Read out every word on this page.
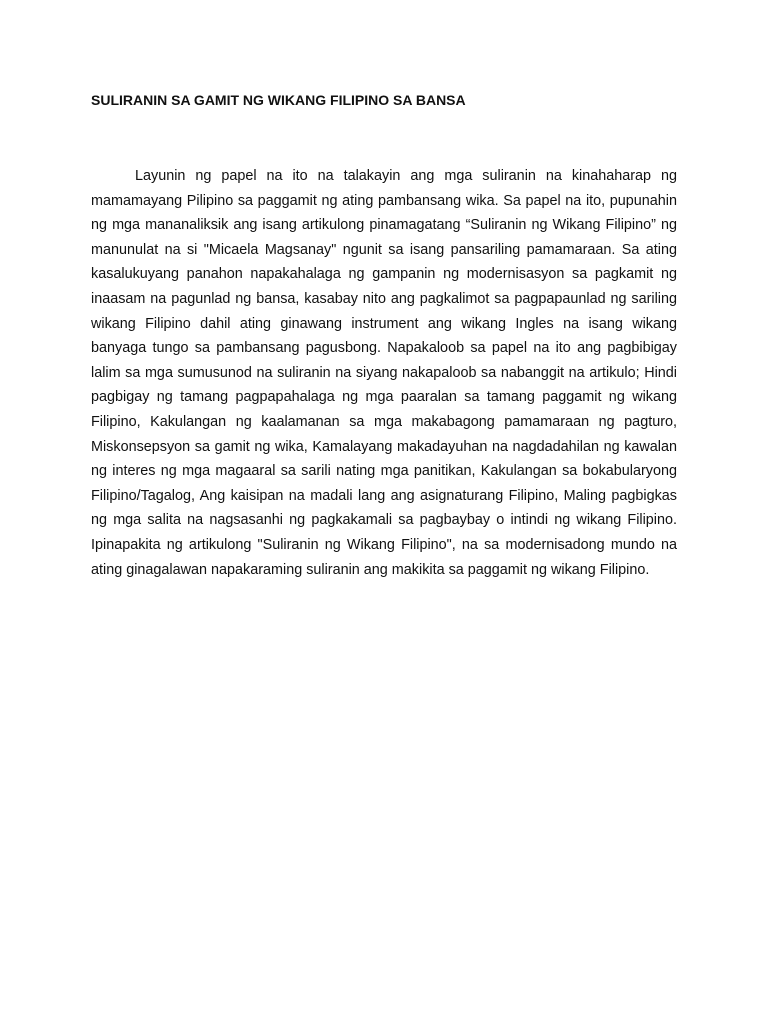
SULIRANIN SA GAMIT NG WIKANG FILIPINO SA BANSA

Layunin ng papel na ito na talakayin ang mga suliranin na kinahaharap ng mamamayang Pilipino sa paggamit ng ating pambansang wika. Sa papel na ito, pupunahin ng mga mananaliksik ang isang artikulong pinamagatang “Suliranin ng Wikang Filipino” ng manunulat na si "Micaela Magsanay" ngunit sa isang pansariling pamamaraan. Sa ating kasalukuyang panahon napakahalaga ng gampanin ng modernisasyon sa pagkamit ng inaasam na pagunlad ng bansa, kasabay nito ang pagkalimot sa pagpapaunlad ng sariling wikang Filipino dahil ating ginawang instrument ang wikang Ingles na isang wikang banyaga tungo sa pambansang pagusbong. Napakaloob sa papel na ito ang pagbibigay lalim sa mga sumusunod na suliranin na siyang nakapaloob sa nabanggit na artikulo; Hindi pagbigay ng tamang pagpapahalaga ng mga paaralan sa tamang paggamit ng wikang Filipino, Kakulangan ng kaalamanan sa mga makabagong pamamaraan ng pagturo, Miskonsepsyon sa gamit ng wika, Kamalayang makadayuhan na nagdadahilan ng kawalan ng interes ng mga magaaral sa sarili nating mga panitikan, Kakulangan sa bokabularyong Filipino/Tagalog, Ang kaisipan na madali lang ang asignaturang Filipino, Maling pagbigkas ng mga salita na nagsasanhi ng pagkakamali sa pagbaybay o intindi ng wikang Filipino. Ipinapakita ng artikulong "Suliranin ng Wikang Filipino", na sa modernisadong mundo na ating ginagalawan napakaraming suliranin ang makikita sa paggamit ng wikang Filipino.
